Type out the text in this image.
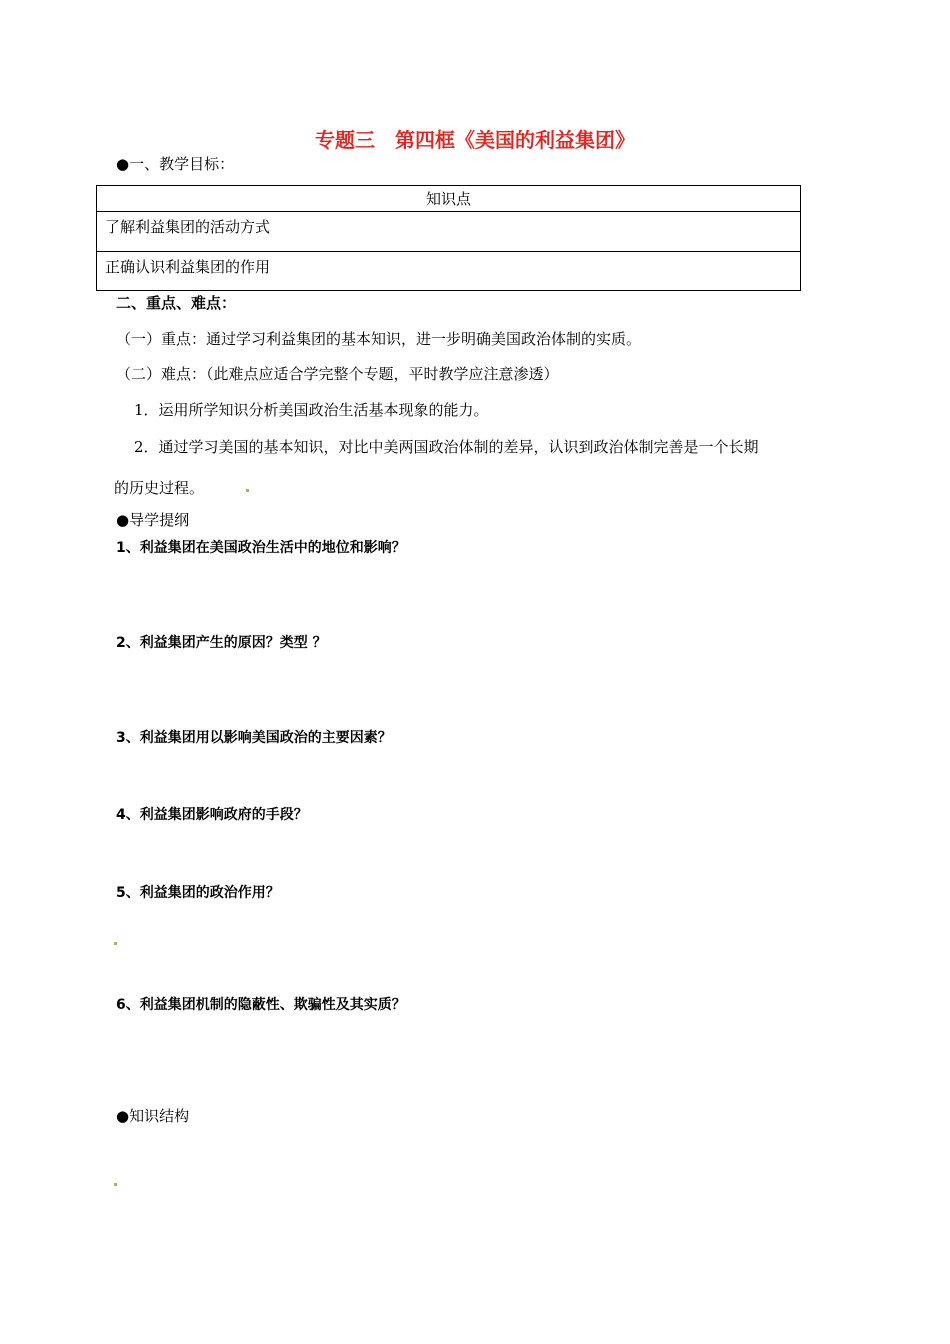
专题三　第四框《美国的利益集团》
●一、教学目标：
知识点
了解利益集团的活动方式
正确认识利益集团的作用
二、重点、难点：
（一）重点：通过学习利益集团的基本知识，进一步明确美国政治体制的实质。
（二）难点：（此难点应适合学完整个专题，平时教学应注意渗透）
1．运用所学知识分析美国政治生活基本现象的能力。
2．通过学习美国的基本知识，对比中美两国政治体制的差异，认识到政治体制完善是一个长期
的历史过程。
●导学提纲
1、利益集团在美国政治生活中的地位和影响？
2、利益集团产生的原因？类型 ？
3、利益集团用以影响美国政治的主要因素？
4、利益集团影响政府的手段？
5、利益集团的政治作用？
6、利益集团机制的隐蔽性、欺骗性及其实质？
●知识结构
